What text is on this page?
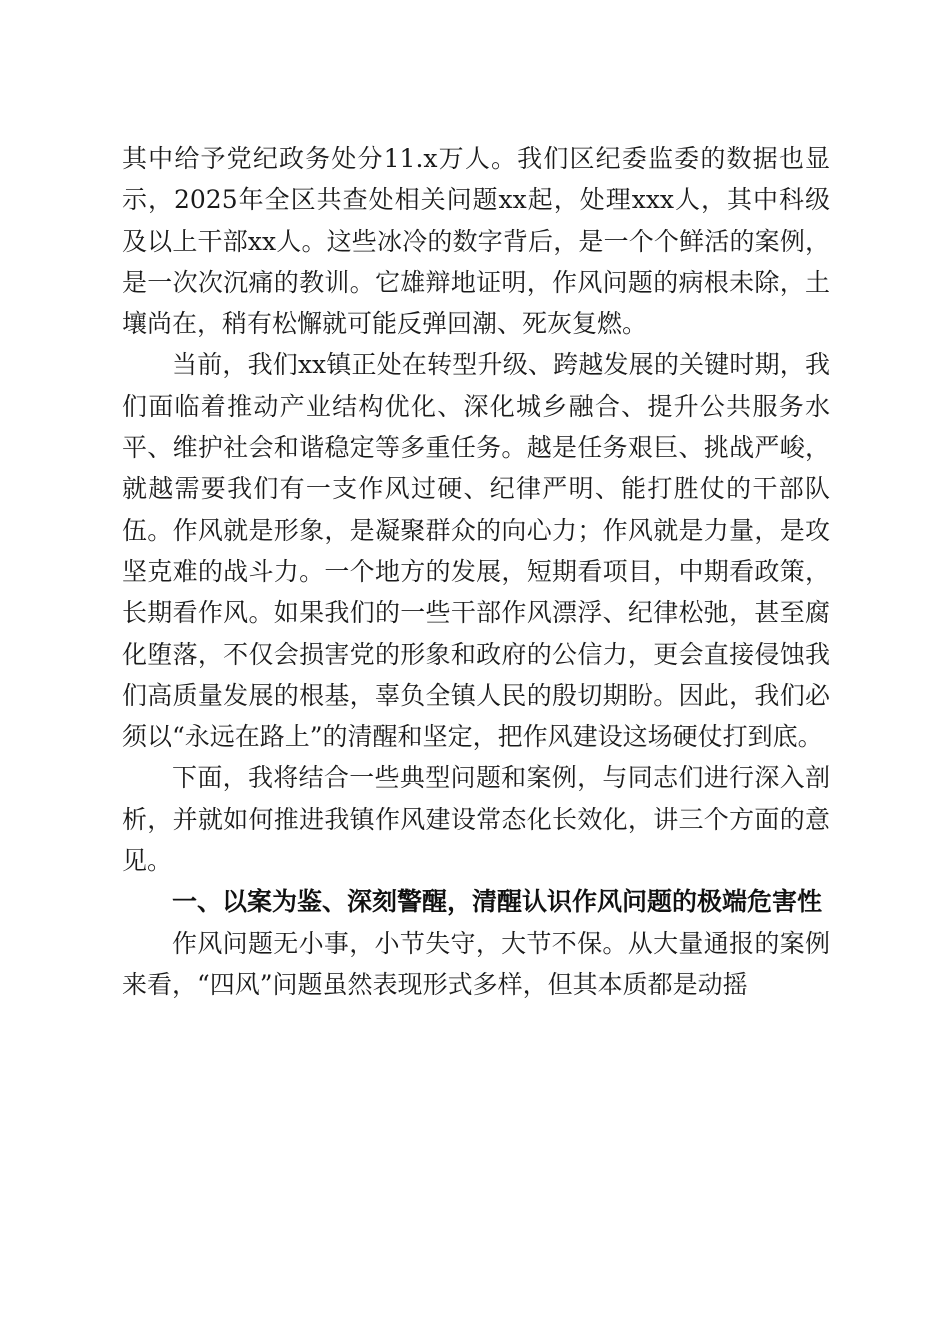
其中给予党纪政务处分11.x万人。我们区纪委监委的数据也显示，2025年全区共查处相关问题xx起，处理xxx人，其中科级及以上干部xx人。这些冰冷的数字背后，是一个个鲜活的案例，是一次次沉痛的教训。它雄辩地证明，作风问题的病根未除，土壤尚在，稍有松懈就可能反弹回潮、死灰复燃。

当前，我们xx镇正处在转型升级、跨越发展的关键时期，我们面临着推动产业结构优化、深化城乡融合、提升公共服务水平、维护社会和谐稳定等多重任务。越是任务艰巨、挑战严峻，就越需要我们有一支作风过硬、纪律严明、能打胜仗的干部队伍。作风就是形象，是凝聚群众的向心力；作风就是力量，是攻坚克难的战斗力。一个地方的发展，短期看项目，中期看政策，长期看作风。如果我们的一些干部作风漂浮、纪律松弛，甚至腐化堕落，不仅会损害党的形象和政府的公信力，更会直接侵蚀我们高质量发展的根基，辜负全镇人民的殷切期盼。因此，我们必须以“永远在路上”的清醒和坚定，把作风建设这场硬仗打到底。

下面，我将结合一些典型问题和案例，与同志们进行深入剖析，并就如何推进我镇作风建设常态化长效化，讲三个方面的意见。

一、以案为鉴、深刻警醒，清醒认识作风问题的极端危害性

作风问题无小事，小节失守，大节不保。从大量通报的案例来看，“四风”问题虽然表现形式多样，但其本质都是动摇
